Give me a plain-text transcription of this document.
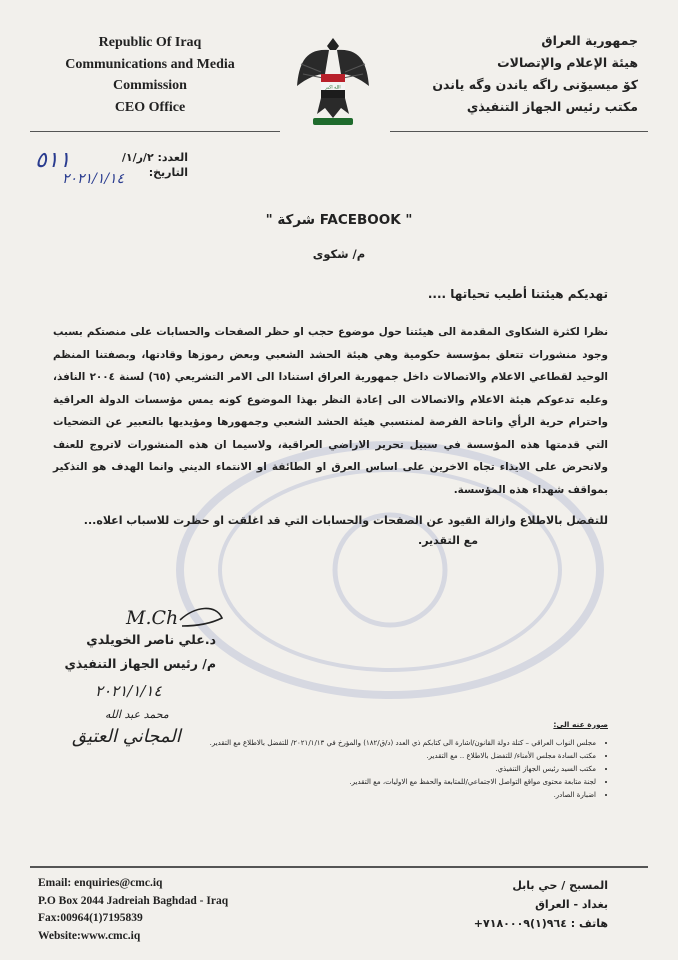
Republic Of Iraq
Communications and Media
Commission
CEO Office
الله اكبر
جمهورية العراق
هيئة الإعلام والإتصالات
كۆ میسیۆنی راگه یاندن وگه یاندن
مكتب رئيس الجهاز التنفيذي
العدد: ٢/ر/١/
التاريخ:
٥١١
٢٠٢١/١/١٤
" شركة FACEBOOK "
م/ شكوى
تهديكم هيئتنا أطيب تحياتها ....
نظرا لكثرة الشكاوى المقدمة الى هيئتنا حول موضوع حجب او حظر الصفحات والحسابات على منصتكم بسبب وجود منشورات تتعلق بمؤسسة حكومية وهي هيئة الحشد الشعبي وبعض رموزها وقادتها، وبصفتنا المنظم الوحيد لقطاعي الاعلام والاتصالات داخل جمهورية العراق استنادا الى الامر التشريعي (٦٥) لسنة ٢٠٠٤ النافذ، وعليه تدعوكم هيئة الاعلام والاتصالات الى إعادة النظر بهذا الموضوع كونه يمس مؤسسات الدولة العراقية واحترام حرية الرأي واتاحة الفرصة لمنتسبي هيئة الحشد الشعبي وجمهورها ومؤيديها بالتعبير عن التضحيات التي قدمتها هذه المؤسسة في سبيل تحرير الاراضي العراقية، ولاسيما ان هذه المنشورات لاتروج للعنف ولاتحرض على الايذاء تجاه الاخرين على اساس العرق او الطائفة او الانتماء الديني وانما الهدف هو التذكير بمواقف شهداء هذه المؤسسة.
للتفضل بالاطلاع وازالة القيود عن الصفحات والحسابات التي قد اغلقت او حظرت للاسباب اعلاه...
مع التقدير.
M.Ch
د.علي ناصر الخويلدي
م/ رئيس الجهاز التنفيذي
٢٠٢١/١/١٤
محمد عبد الله
المجاني العتيق
صورة عنه الى:
• مجلس النواب العراقي – كتلة دولة القانون/اشارة الى كتابكم ذي العدد (د/ق/١٨٢) والمؤرخ في ٢٠٢١/١/١٣/ للتفضل بالاطلاع مع التقدير.
• مكتب السادة مجلس الأمناء/ للتفضل بالاطلاع .. مع التقدير.
• مكتب السيد رئيس الجهاز التنفيذي.
• لجنة متابعة محتوى مواقع التواصل الاجتماعي/للمتابعة والحفظ مع الاوليات، مع التقدير.
• اضبارة الصادر.
Email: enquiries@cmc.iq
P.O Box 2044 Jadreiah Baghdad - Iraq
Fax:00964(1)7195839
Website:www.cmc.iq
المسبح / حي بابل
بغداد - العراق
هاتف : ٩٦٤(١)٧١٨٠٠٠٩+
